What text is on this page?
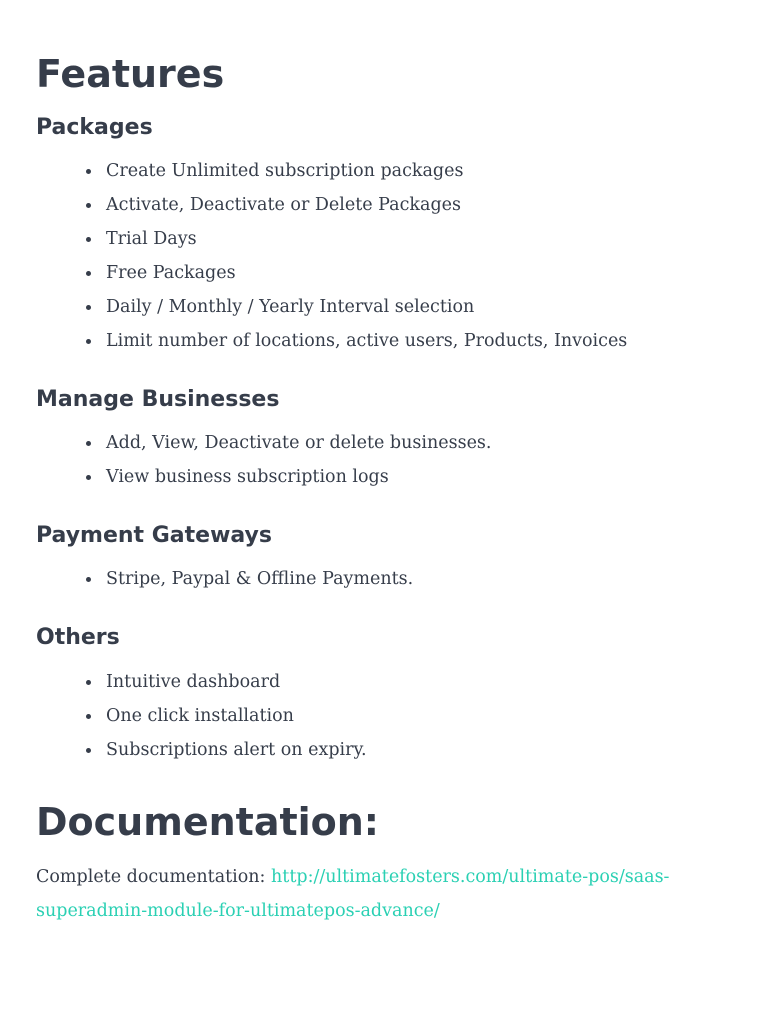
Features
Packages
Create Unlimited subscription packages
Activate, Deactivate or Delete Packages
Trial Days
Free Packages
Daily / Monthly / Yearly Interval selection
Limit number of locations, active users, Products, Invoices
Manage Businesses
Add, View, Deactivate or delete businesses.
View business subscription logs
Payment Gateways
Stripe, Paypal & Offline Payments.
Others
Intuitive dashboard
One click installation
Subscriptions alert on expiry.
Documentation:

Complete documentation: http://ultimatefosters.com/ultimate-pos/saas-
superadmin-module-for-ultimatepos-advance/
